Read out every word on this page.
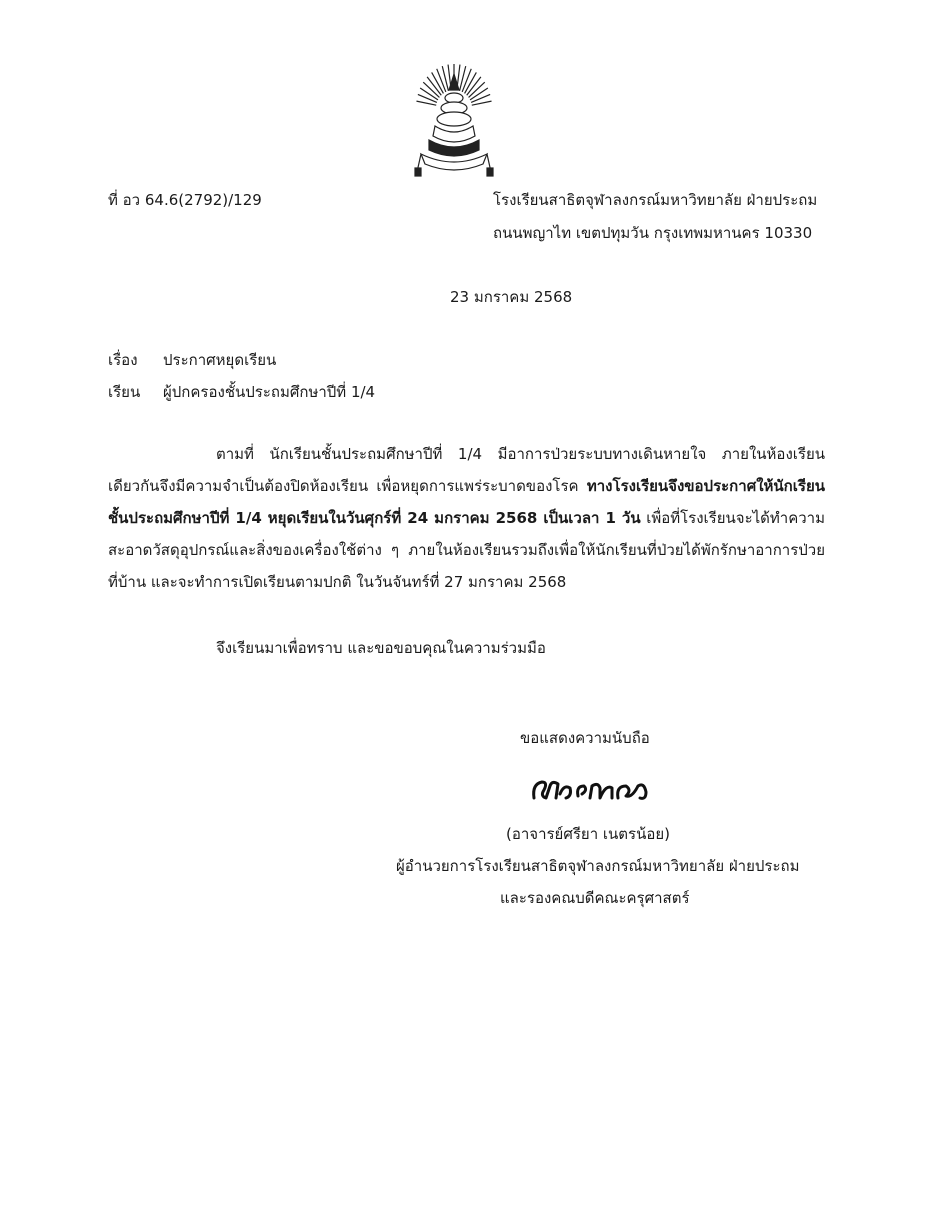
ที่ อว 64.6(2792)/129	โรงเรียนสาธิตจุฬาลงกรณ์มหาวิทยาลัย ฝ่ายประถม
ถนนพญาไท เขตปทุมวัน กรุงเทพมหานคร 10330
23 มกราคม 2568
เรื่อง ประกาศหยุดเรียน
เรียน ผู้ปกครองชั้นประถมศึกษาปีที่ 1/4
ตามที่ นักเรียนชั้นประถมศึกษาปีที่ 1/4 มีอาการป่วยระบบทางเดินหายใจ ภายในห้องเรียนเดียวกันจึงมีความจำเป็นต้องปิดห้องเรียน เพื่อหยุดการแพร่ระบาดของโรค ทางโรงเรียนจึงขอประกาศให้นักเรียนชั้นประถมศึกษาปีที่ 1/4 หยุดเรียนในวันศุกร์ที่ 24 มกราคม 2568 เป็นเวลา 1 วัน เพื่อที่โรงเรียนจะได้ทำความสะอาดวัสดุอุปกรณ์และสิ่งของเครื่องใช้ต่าง ๆ ภายในห้องเรียนรวมถึงเพื่อให้นักเรียนที่ป่วยได้พักรักษาอาการป่วยที่บ้าน และจะทำการเปิดเรียนตามปกติ ในวันจันทร์ที่ 27 มกราคม 2568
จึงเรียนมาเพื่อทราบ และขอขอบคุณในความร่วมมือ
ขอแสดงความนับถือ
(อาจารย์ศรียา เนตรน้อย)
ผู้อำนวยการโรงเรียนสาธิตจุฬาลงกรณ์มหาวิทยาลัย ฝ่ายประถม
และรองคณบดีคณะครุศาสตร์
